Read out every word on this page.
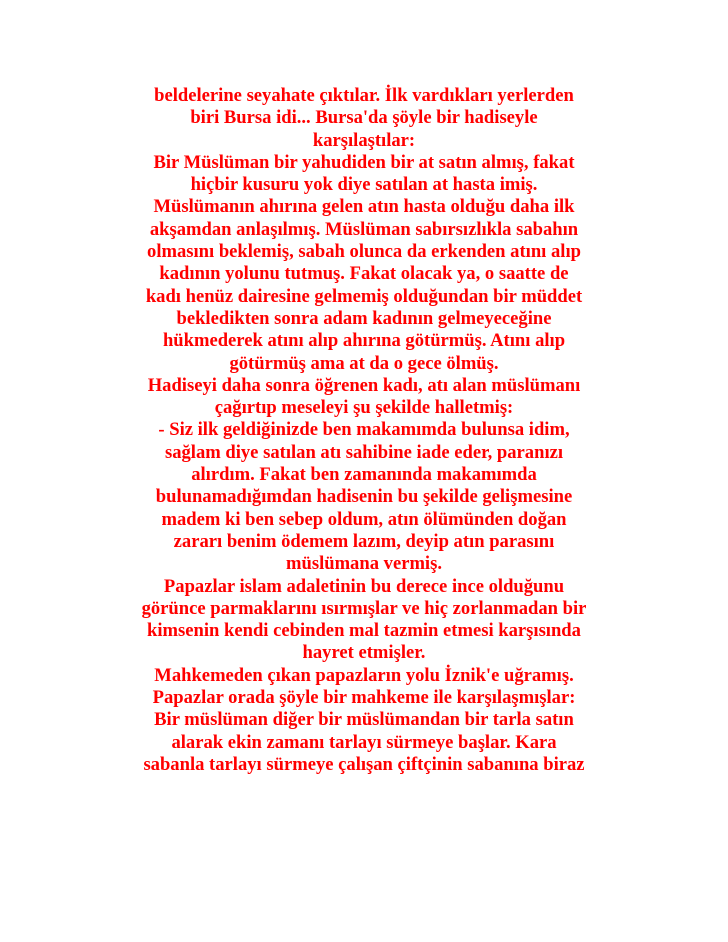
beldelerine seyahate çıktılar. İlk vardıkları yerlerden
biri Bursa idi... Bursa'da şöyle bir hadiseyle
karşılaştılar:
Bir Müslüman bir yahudiden bir at satın almış, fakat
hiçbir kusuru yok diye satılan at hasta imiş.
Müslümanın ahırına gelen atın hasta olduğu daha ilk
akşamdan anlaşılmış. Müslüman sabırsızlıkla sabahın
olmasını beklemiş, sabah olunca da erkenden atını alıp
kadının yolunu tutmuş. Fakat olacak ya, o saatte de
kadı henüz dairesine gelmemiş olduğundan bir müddet
bekledikten sonra adam kadının gelmeyeceğine
hükmederek atını alıp ahırına götürmüş. Atını alıp
götürmüş ama at da o gece ölmüş.
Hadiseyi daha sonra öğrenen kadı, atı alan müslümanı
çağırtıp meseleyi şu şekilde halletmiş:
- Siz ilk geldiğinizde ben makamımda bulunsa idim,
sağlam diye satılan atı sahibine iade eder, paranızı
alırdım. Fakat ben zamanında makamımda
bulunamadığımdan hadisenin bu şekilde gelişmesine
madem ki ben sebep oldum, atın ölümünden doğan
zararı benim ödemem lazım, deyip atın parasını
müslümana vermiş.
Papazlar islam adaletinin bu derece ince olduğunu
görünce parmaklarını ısırmışlar ve hiç zorlanmadan bir
kimsenin kendi cebinden mal tazmin etmesi karşısında
hayret etmişler.
Mahkemeden çıkan papazların yolu İznik'e uğramış.
Papazlar orada şöyle bir mahkeme ile karşılaşmışlar:
Bir müslüman diğer bir müslümandan bir tarla satın
alarak ekin zamanı tarlayı sürmeye başlar. Kara
sabanla tarlayı sürmeye çalışan çiftçinin sabanına biraz
